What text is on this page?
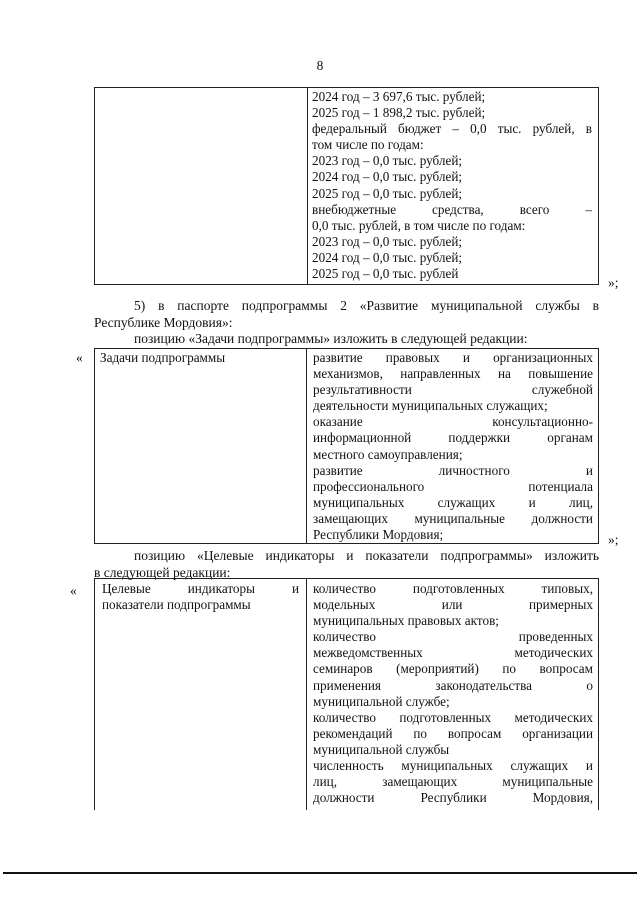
8
2024 год – 3 697,6 тыс. рублей;
2025 год – 1 898,2 тыс. рублей;
федеральный бюджет – 0,0 тыс. рублей, в
том числе по годам:
2023 год – 0,0 тыс. рублей;
2024 год – 0,0 тыс. рублей;
2025 год – 0,0 тыс. рублей;
внебюджетные средства, всего –
0,0 тыс. рублей, в том числе по годам:
2023 год – 0,0 тыс. рублей;
2024 год – 0,0 тыс. рублей;
2025 год – 0,0 тыс. рублей
»;
5) в паспорте подпрограммы 2 «Развитие муниципальной службы в
Республике Мордовия»:
позицию «Задачи подпрограммы» изложить в следующей редакции:
« Задачи подпрограммы	развитие правовых и организационных
механизмов, направленных на повышение
результативности служебной
деятельности муниципальных служащих;
оказание консультационно-
информационной поддержки органам
местного самоуправления;
развитие личностного и
профессионального потенциала
муниципальных служащих и лиц,
замещающих муниципальные должности
Республики Мордовия;	»;
позицию «Целевые индикаторы и показатели подпрограммы» изложить
в следующей редакции:
« Целевые индикаторы и
показатели подпрограммы
количество подготовленных типовых,
модельных или примерных
муниципальных правовых актов;
количество проведенных
межведомственных методических
семинаров (мероприятий) по вопросам
применения законодательства о
муниципальной службе;
количество подготовленных методических
рекомендаций по вопросам организации
муниципальной службы
численность муниципальных служащих и
лиц, замещающих муниципальные
должности Республики Мордовия,
